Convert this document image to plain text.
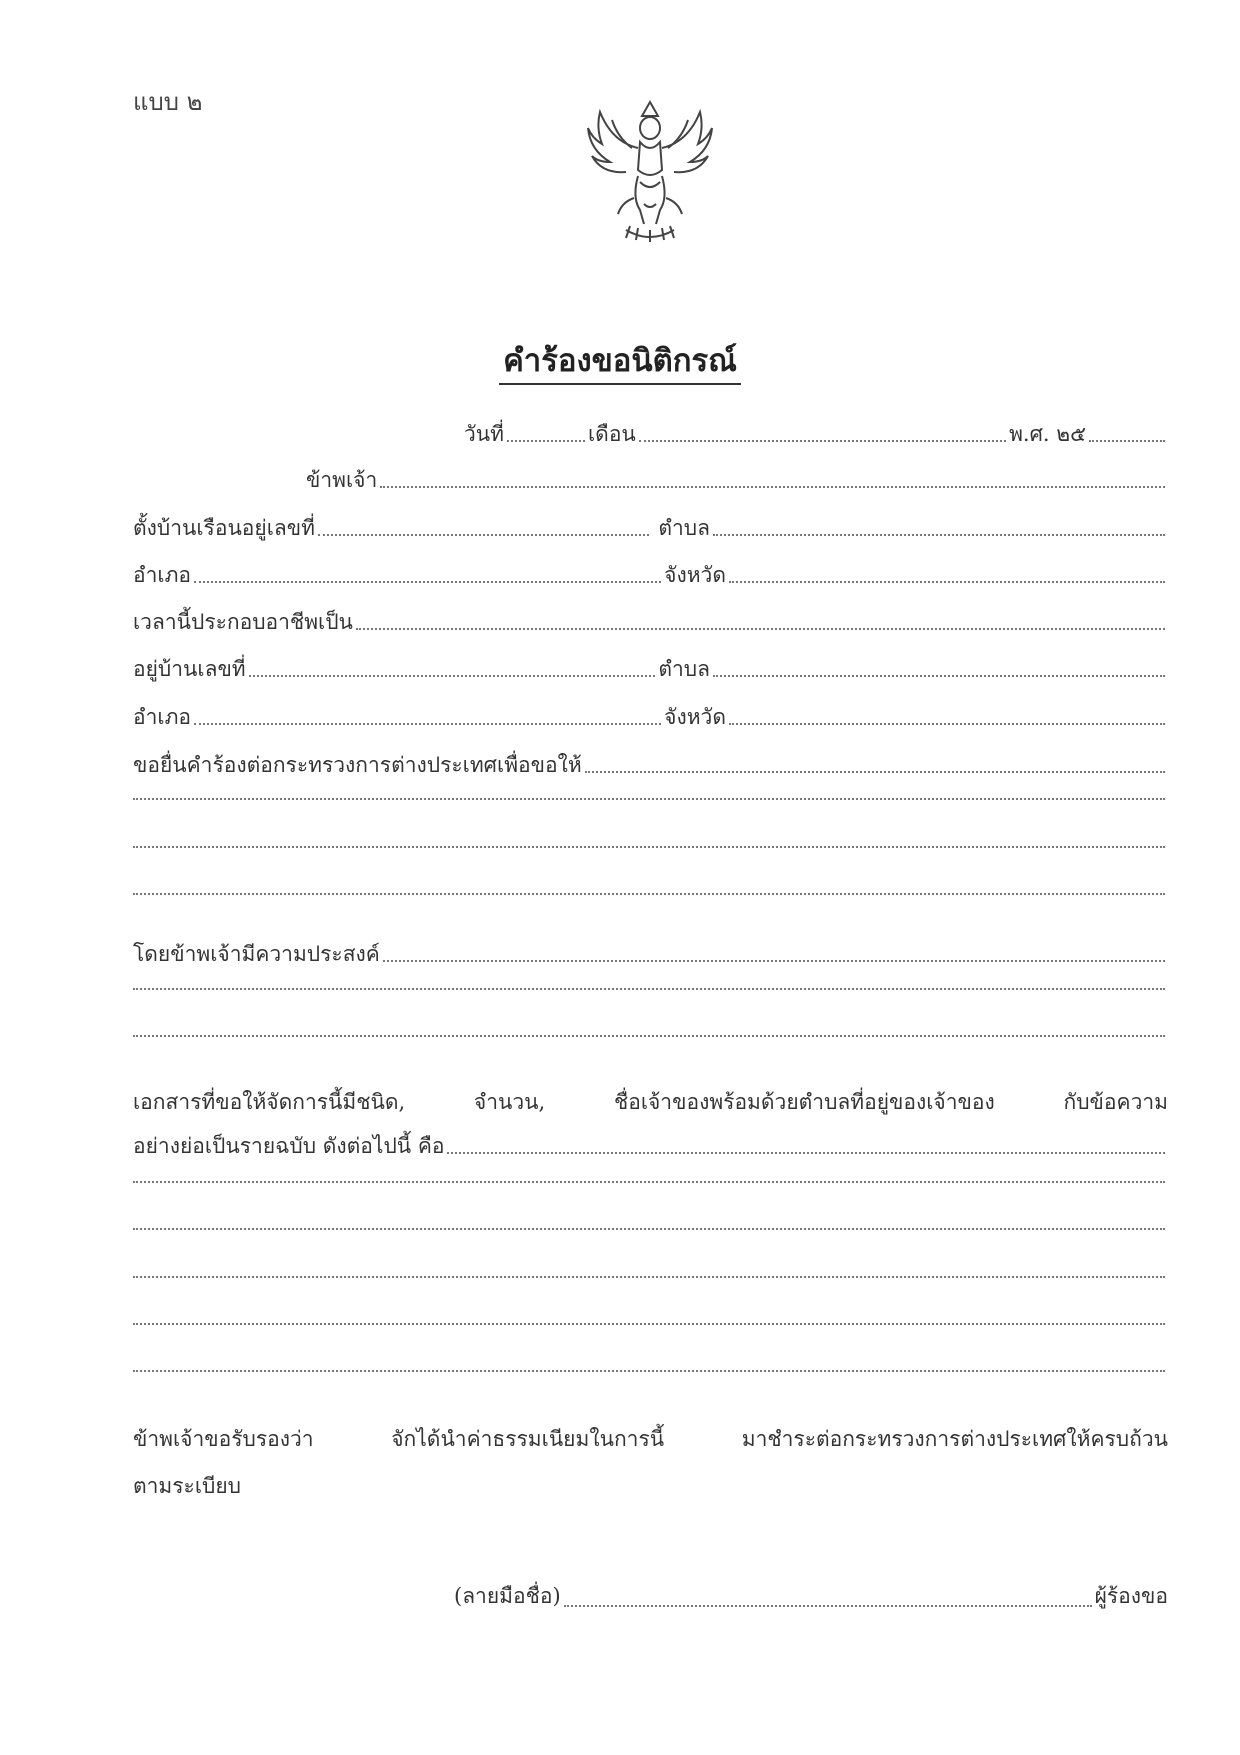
แบบ ๒
คำร้องขอนิติกรณ์
วันที่	เดือน	พ.ศ. ๒๕
ข้าพเจ้า
ตั้งบ้านเรือนอยู่เลขที่	ตำบล
อำเภอ	จังหวัด
เวลานี้ประกอบอาชีพเป็น
อยู่บ้านเลขที่	ตำบล
อำเภอ	จังหวัด
ขอยื่นคำร้องต่อกระทรวงการต่างประเทศเพื่อขอให้
โดยข้าพเจ้ามีความประสงค์
เอกสารที่ขอให้จัดการนี้มีชนิด, จำนวน, ชื่อเจ้าของพร้อมด้วยตำบลที่อยู่ของเจ้าของ กับข้อความ
อย่างย่อเป็นรายฉบับ ดังต่อไปนี้ คือ
ข้าพเจ้าขอรับรองว่า จักได้นำค่าธรรมเนียมในการนี้ มาชำระต่อกระทรวงการต่างประเทศให้ครบถ้วน
ตามระเบียบ
(ลายมือชื่อ)	ผู้ร้องขอ
